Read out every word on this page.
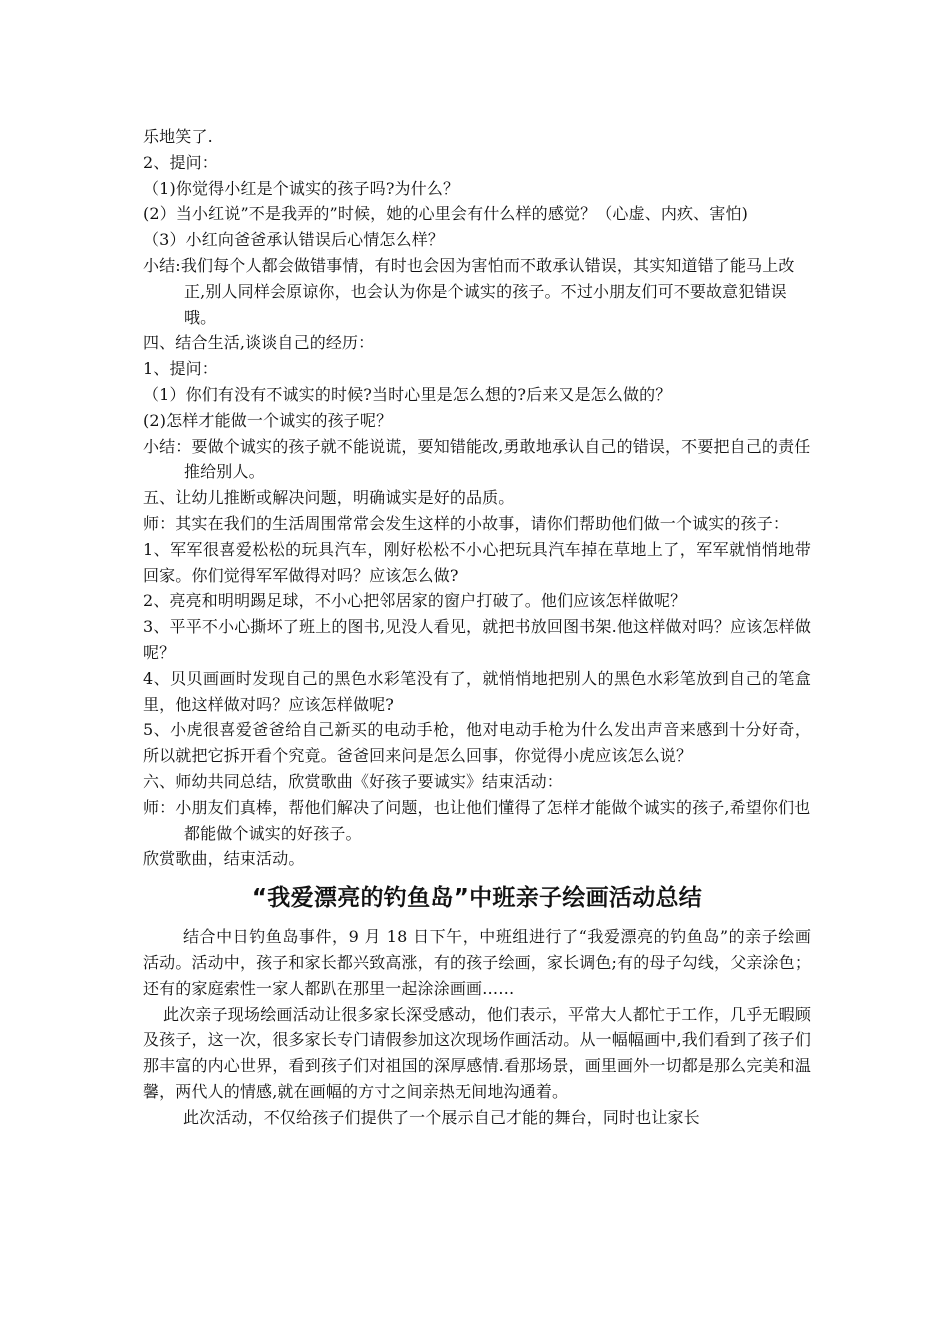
乐地笑了.
2、提问：
（1)你觉得小红是个诚实的孩子吗?为什么？
(2）当小红说”不是我弄的”时候，她的心里会有什么样的感觉？（心虚、内疚、害怕)
（3）小红向爸爸承认错误后心情怎么样？
小结:我们每个人都会做错事情，有时也会因为害怕而不敢承认错误，其实知道错了能马上改正,别人同样会原谅你，也会认为你是个诚实的孩子。不过小朋友们可不要故意犯错误哦。
四、结合生活,谈谈自己的经历：
1、提问：
（1）你们有没有不诚实的时候?当时心里是怎么想的?后来又是怎么做的？
(2)怎样才能做一个诚实的孩子呢？
小结：要做个诚实的孩子就不能说谎，要知错能改,勇敢地承认自己的错误，不要把自己的责任推给别人。
五、让幼儿推断或解决问题，明确诚实是好的品质。
师：其实在我们的生活周围常常会发生这样的小故事，请你们帮助他们做一个诚实的孩子：
1、军军很喜爱松松的玩具汽车，刚好松松不小心把玩具汽车掉在草地上了，军军就悄悄地带回家。你们觉得军军做得对吗？应该怎么做?
2、亮亮和明明踢足球，不小心把邻居家的窗户打破了。他们应该怎样做呢？
3、平平不小心撕坏了班上的图书,见没人看见，就把书放回图书架.他这样做对吗？应该怎样做呢？
4、贝贝画画时发现自己的黑色水彩笔没有了，就悄悄地把别人的黑色水彩笔放到自己的笔盒里，他这样做对吗？应该怎样做呢?
5、小虎很喜爱爸爸给自己新买的电动手枪，他对电动手枪为什么发出声音来感到十分好奇，所以就把它拆开看个究竟。爸爸回来问是怎么回事，你觉得小虎应该怎么说？
六、师幼共同总结，欣赏歌曲《好孩子要诚实》结束活动：
师：小朋友们真棒，帮他们解决了问题，也让他们懂得了怎样才能做个诚实的孩子,希望你们也都能做个诚实的好孩子。
欣赏歌曲，结束活动。
“我爱漂亮的钓鱼岛”中班亲子绘画活动总结
结合中日钓鱼岛事件，9 月 18 日下午，中班组进行了“我爱漂亮的钓鱼岛”的亲子绘画活动。活动中，孩子和家长都兴致高涨，有的孩子绘画，家长调色;有的母子勾线，父亲涂色；还有的家庭索性一家人都趴在那里一起涂涂画画……
此次亲子现场绘画活动让很多家长深受感动，他们表示，平常大人都忙于工作，几乎无暇顾及孩子，这一次，很多家长专门请假参加这次现场作画活动。从一幅幅画中,我们看到了孩子们那丰富的内心世界，看到孩子们对祖国的深厚感情.看那场景，画里画外一切都是那么完美和温馨，两代人的情感,就在画幅的方寸之间亲热无间地沟通着。
此次活动，不仅给孩子们提供了一个展示自己才能的舞台，同时也让家长
